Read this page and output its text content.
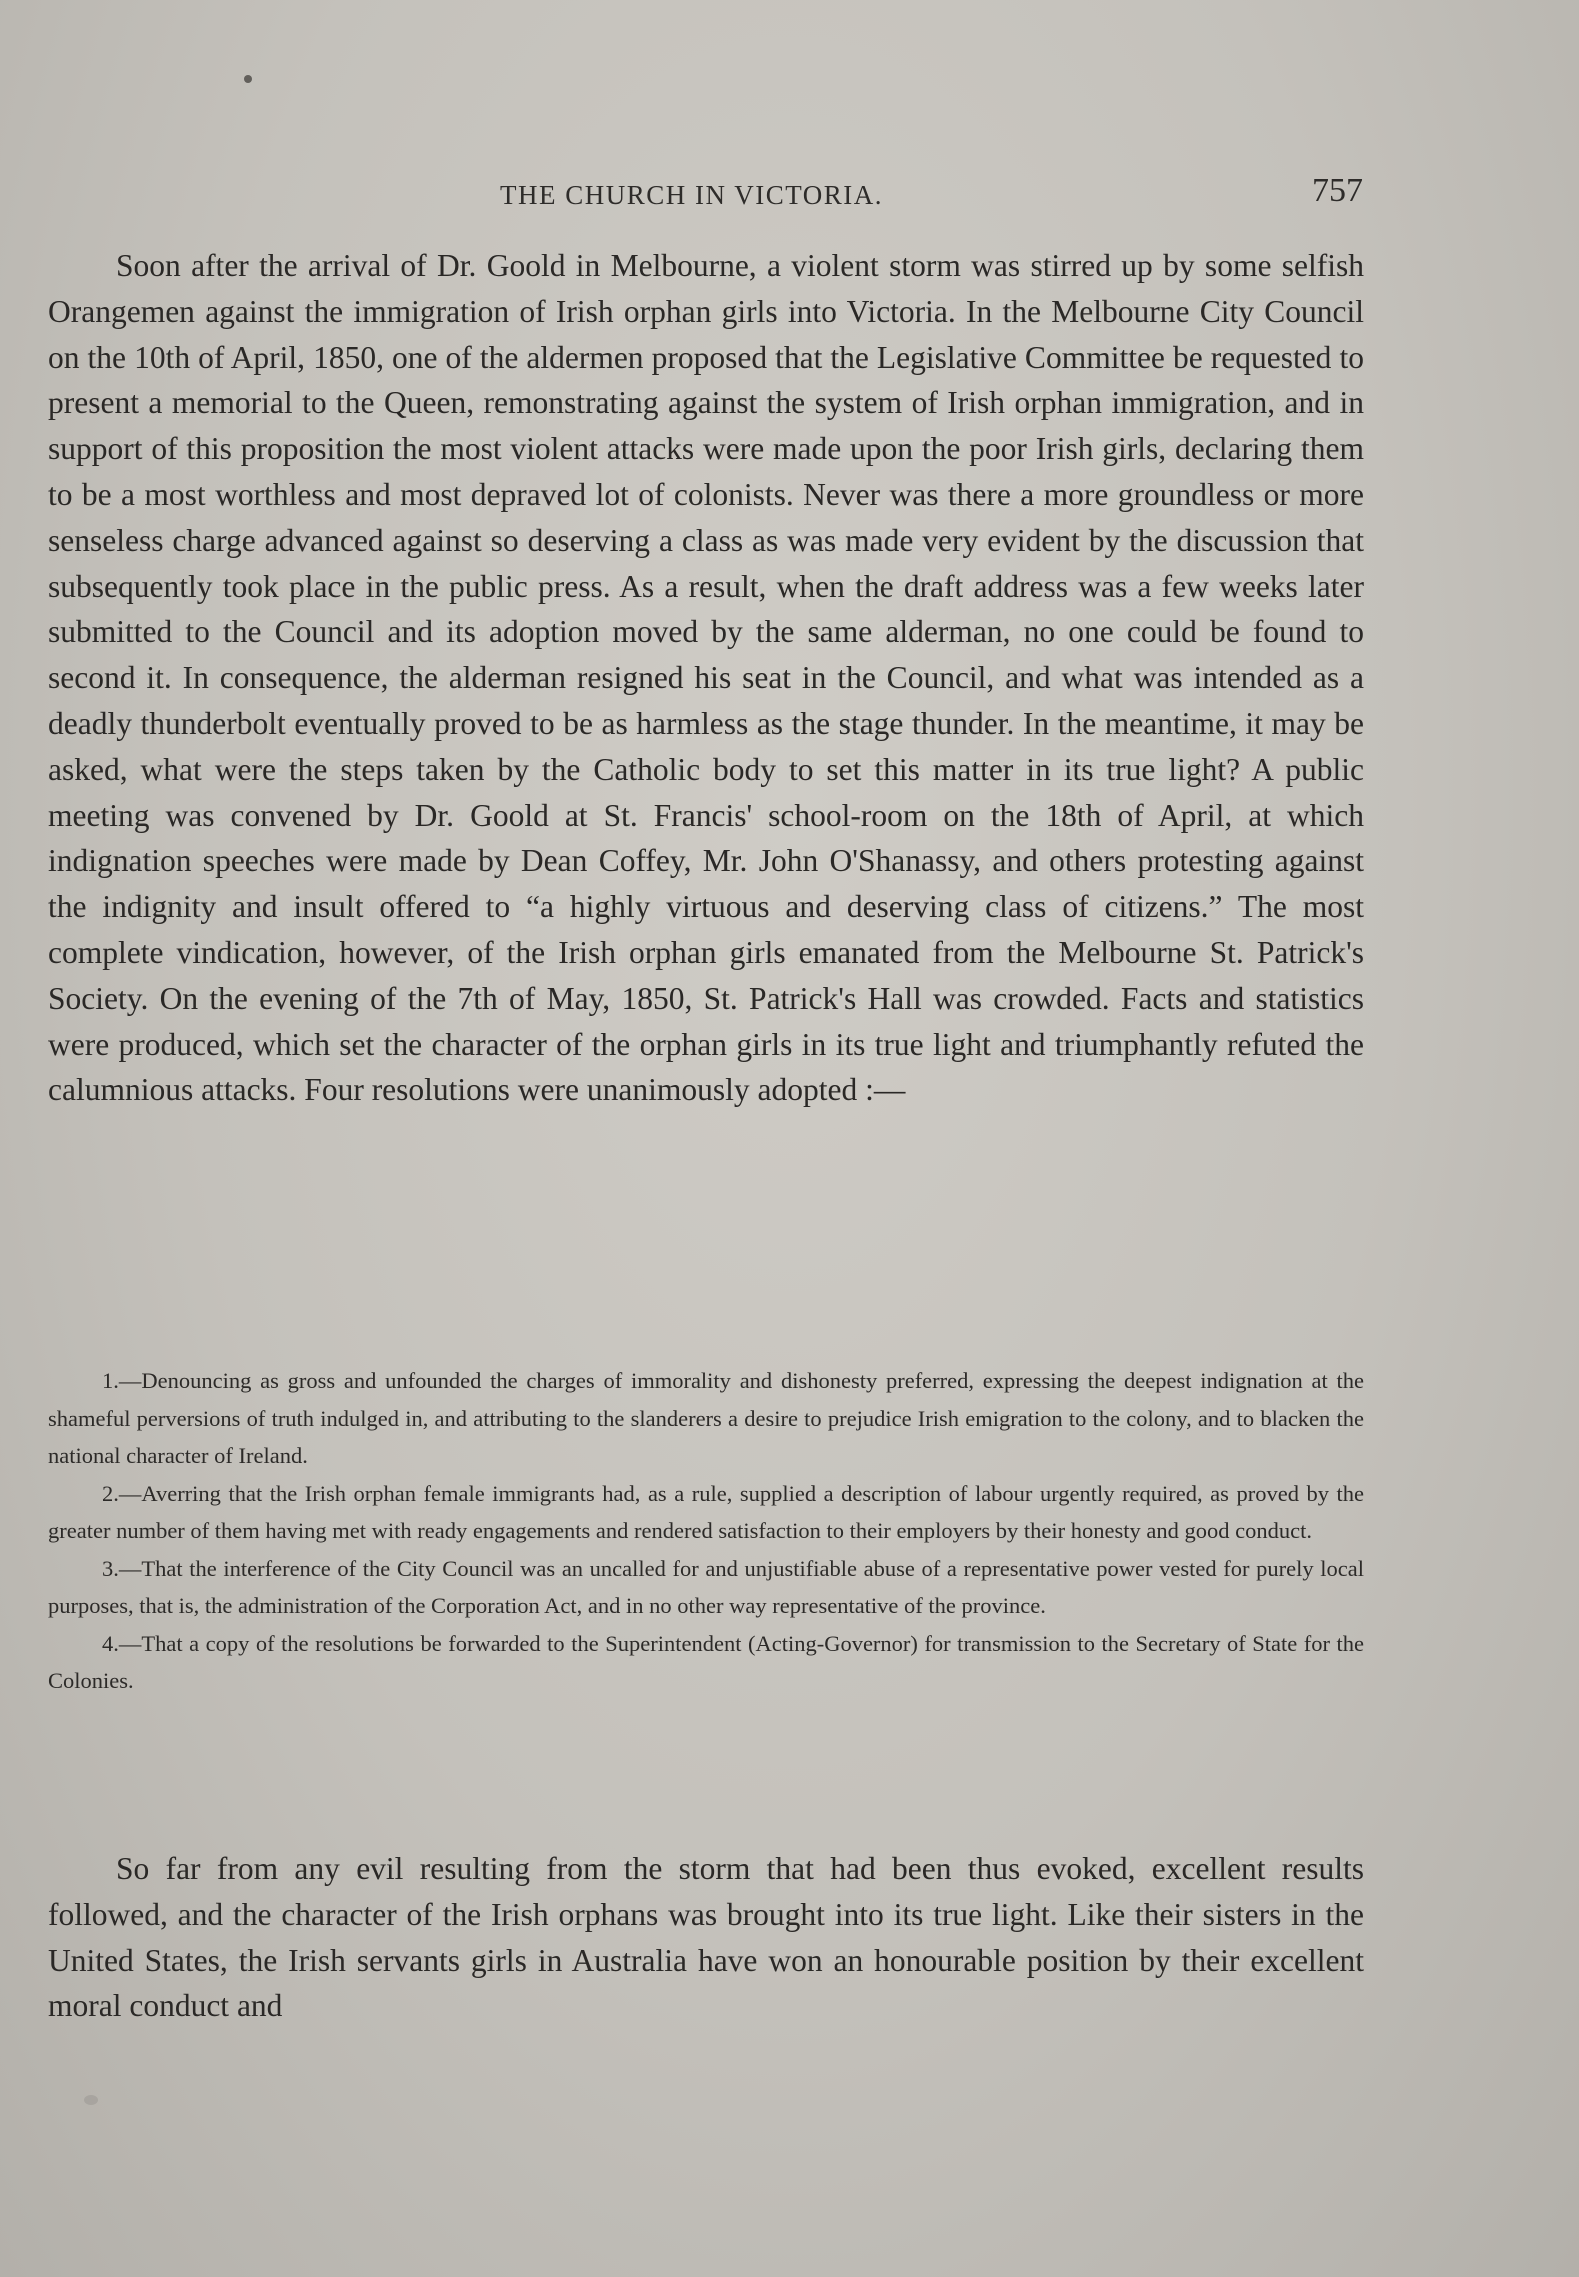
THE CHURCH IN VICTORIA.	757

Soon after the arrival of Dr. Goold in Melbourne, a violent storm was stirred up by some selfish Orangemen against the immigration of Irish orphan girls into Victoria. In the Melbourne City Council on the 10th of April, 1850, one of the aldermen proposed that the Legislative Committee be requested to present a memorial to the Queen, remonstrating against the system of Irish orphan immigration, and in support of this proposition the most violent attacks were made upon the poor Irish girls, declaring them to be a most worthless and most depraved lot of colonists. Never was there a more groundless or more senseless charge advanced against so deserving a class as was made very evident by the discussion that subsequently took place in the public press. As a result, when the draft address was a few weeks later submitted to the Council and its adoption moved by the same alderman, no one could be found to second it. In consequence, the alderman resigned his seat in the Council, and what was intended as a deadly thunderbolt eventually proved to be as harmless as the stage thunder. In the meantime, it may be asked, what were the steps taken by the Catholic body to set this matter in its true light? A public meeting was convened by Dr. Goold at St. Francis' school-room on the 18th of April, at which indignation speeches were made by Dean Coffey, Mr. John O'Shanassy, and others protesting against the indignity and insult offered to “a highly virtuous and deserving class of citizens.” The most complete vindication, however, of the Irish orphan girls emanated from the Melbourne St. Patrick's Society. On the evening of the 7th of May, 1850, St. Patrick's Hall was crowded. Facts and statistics were produced, which set the character of the orphan girls in its true light and triumphantly refuted the calumnious attacks. Four resolutions were unanimously adopted :—

1.—Denouncing as gross and unfounded the charges of immorality and dishonesty preferred, expressing the deepest indignation at the shameful perversions of truth indulged in, and attributing to the slanderers a desire to prejudice Irish emigration to the colony, and to blacken the national character of Ireland.

2.—Averring that the Irish orphan female immigrants had, as a rule, supplied a description of labour urgently required, as proved by the greater number of them having met with ready engagements and rendered satisfaction to their employers by their honesty and good conduct.

3.—That the interference of the City Council was an uncalled for and unjustifiable abuse of a representative power vested for purely local purposes, that is, the administration of the Corporation Act, and in no other way representative of the province.

4.—That a copy of the resolutions be forwarded to the Superintendent (Acting-Governor) for transmission to the Secretary of State for the Colonies.

So far from any evil resulting from the storm that had been thus evoked, excellent results followed, and the character of the Irish orphans was brought into its true light. Like their sisters in the United States, the Irish servants girls in Australia have won an honourable position by their excellent moral conduct and
